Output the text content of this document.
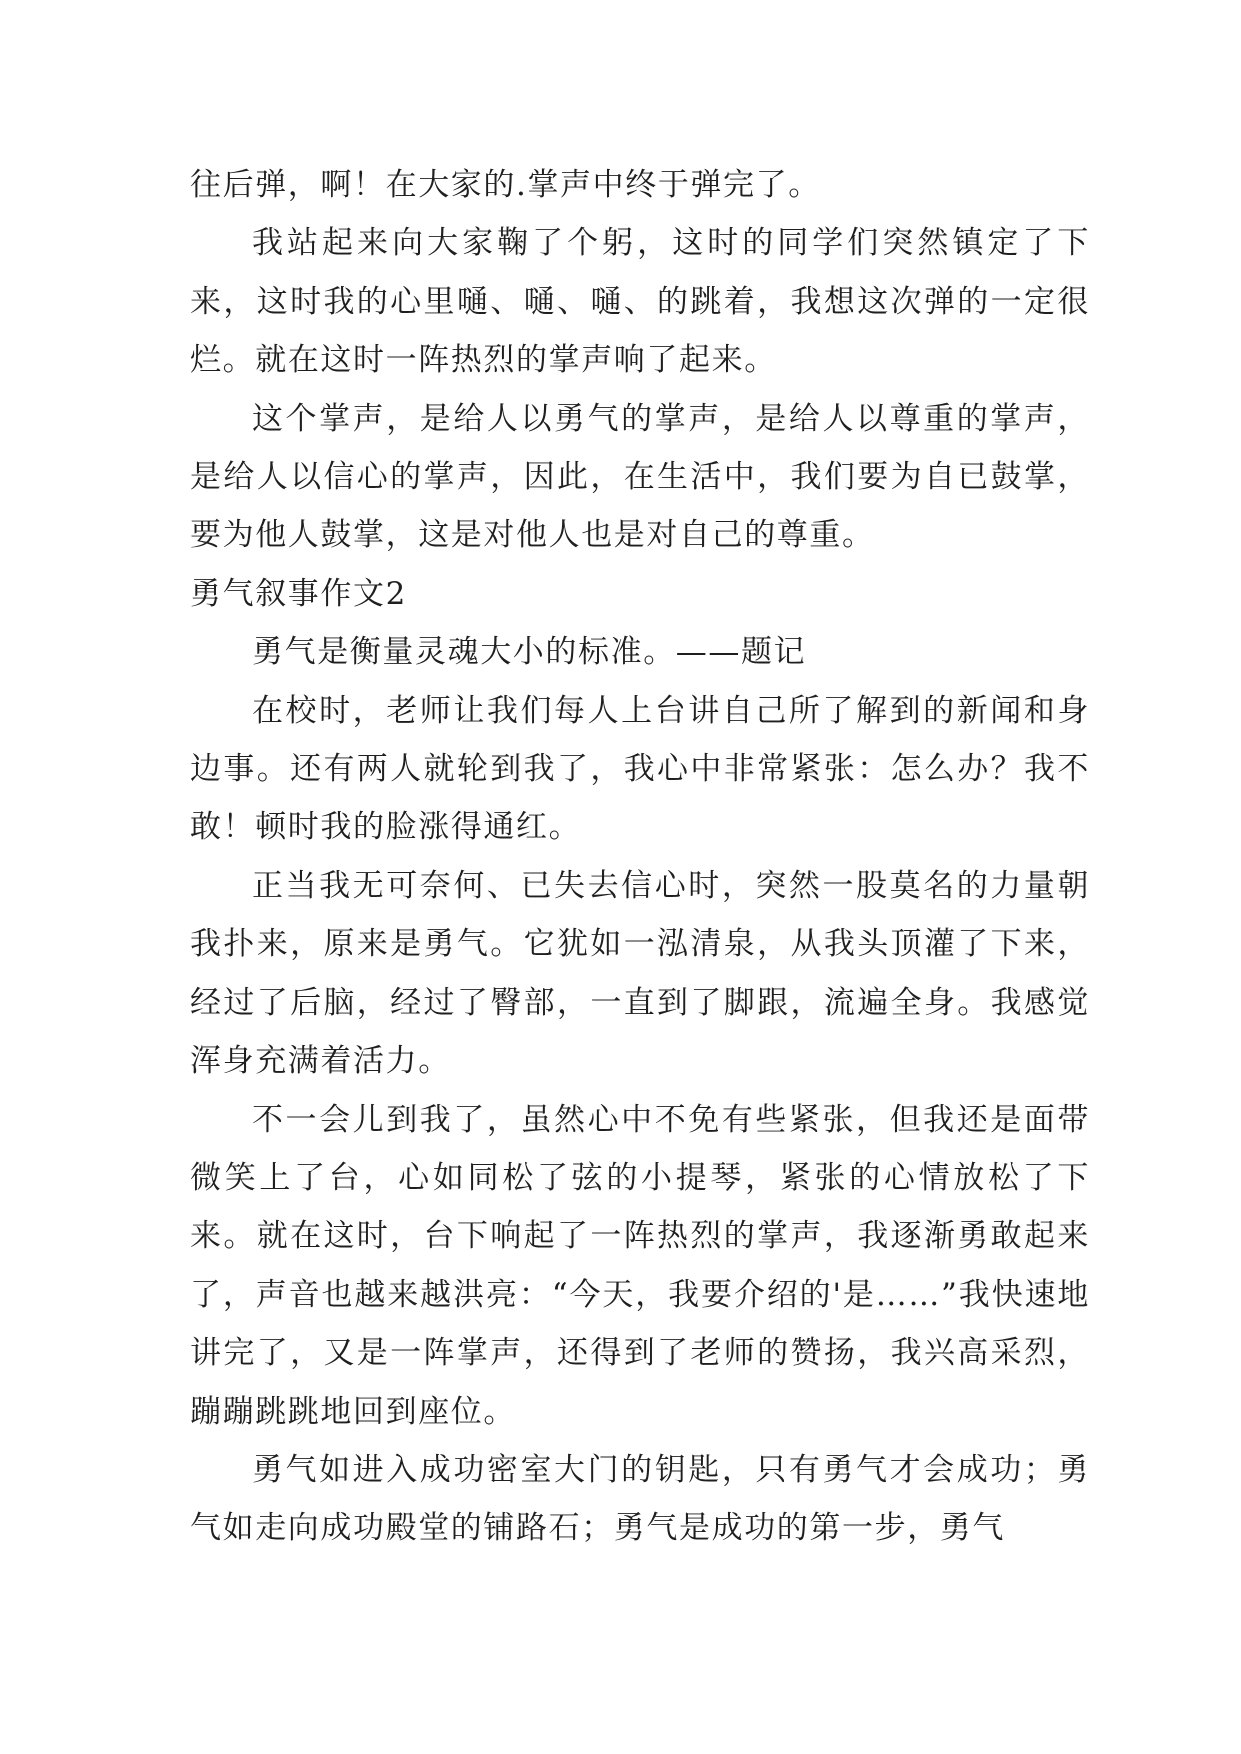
往后弹，啊！在大家的.掌声中终于弹完了。

我站起来向大家鞠了个躬，这时的同学们突然镇定了下来，这时我的心里嗵、嗵、嗵、的跳着，我想这次弹的一定很烂。就在这时一阵热烈的掌声响了起来。

这个掌声，是给人以勇气的掌声，是给人以尊重的掌声，是给人以信心的掌声，因此，在生活中，我们要为自已鼓掌，要为他人鼓掌，这是对他人也是对自己的尊重。

勇气叙事作文2

勇气是衡量灵魂大小的标准。——题记

在校时，老师让我们每人上台讲自己所了解到的新闻和身边事。还有两人就轮到我了，我心中非常紧张：怎么办？我不敢！顿时我的脸涨得通红。

正当我无可奈何、已失去信心时，突然一股莫名的力量朝我扑来，原来是勇气。它犹如一泓清泉，从我头顶灌了下来，经过了后脑，经过了臀部，一直到了脚跟，流遍全身。我感觉浑身充满着活力。

不一会儿到我了，虽然心中不免有些紧张，但我还是面带微笑上了台，心如同松了弦的小提琴，紧张的心情放松了下来。就在这时，台下响起了一阵热烈的掌声，我逐渐勇敢起来了，声音也越来越洪亮：“今天，我要介绍的'是……”我快速地讲完了，又是一阵掌声，还得到了老师的赞扬，我兴高采烈，蹦蹦跳跳地回到座位。

勇气如进入成功密室大门的钥匙，只有勇气才会成功；勇气如走向成功殿堂的铺路石；勇气是成功的第一步，勇气
